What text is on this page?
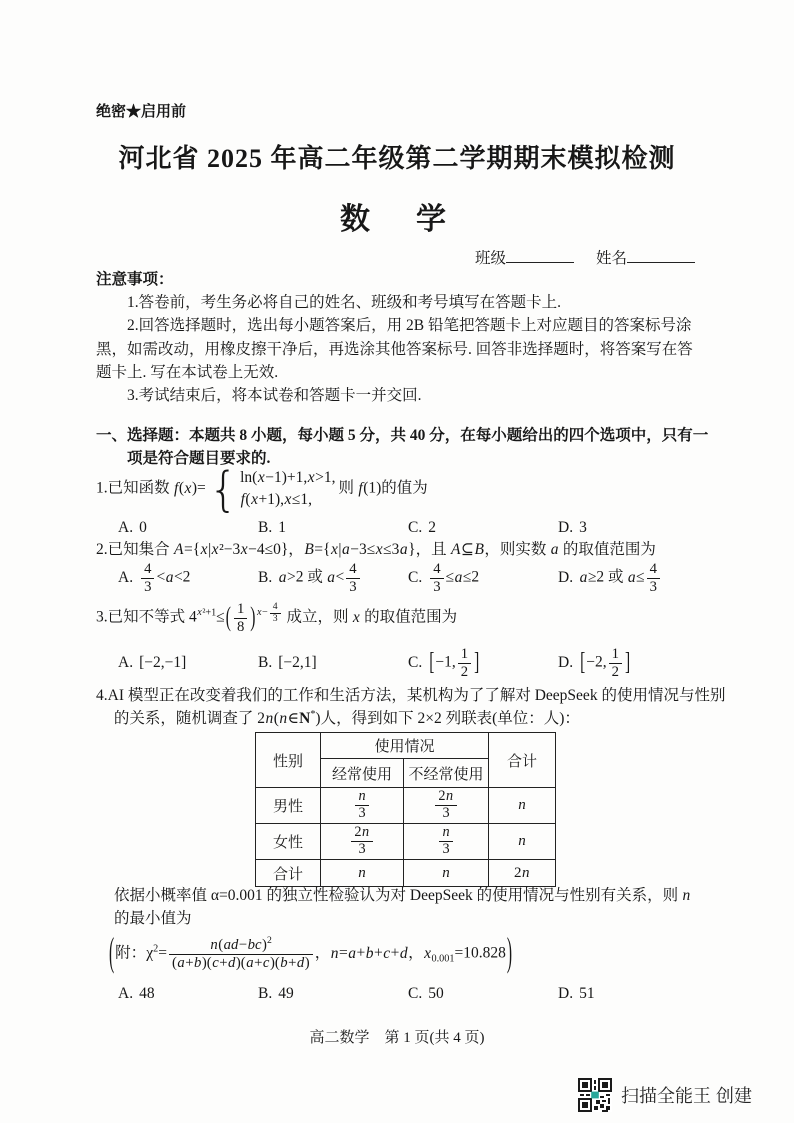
绝密★启用前
河北省 2025 年高二年级第二学期期末模拟检测
数　学
班级	姓名
注意事项：

1.答卷前，考生务必将自己的姓名、班级和考号填写在答题卡上.

2.回答选择题时，选出每小题答案后，用 2B 铅笔把答题卡上对应题目的答案标号涂黑，如需改动，用橡皮擦干净后，再选涂其他答案标号. 回答非选择题时，将答案写在答题卡上. 写在本试卷上无效.

3.考试结束后，将本试卷和答题卡一并交回.

一、选择题：本题共 8 小题，每小题 5 分，共 40 分，在每小题给出的四个选项中，只有一项是符合题目要求的.
1.已知函数 f(x)= { ln(x−1)+1,x>1,
f(x+1),x≤1,
则 f(1)的值为
A. 0	B. 1	C. 2	D. 3
2.已知集合 A={x|x²−3x−4≤0}，B={x|a−3≤x≤3a}，且 A⊆B，则实数 a 的取值范围为
A. $\frac{4}{3} <a<2$	B. a>2 或 $a< \frac{4}{3}$	C. $\frac{4}{3} \le a\le 2$	D. a≥2 或 $a\le \frac{4}{3}$
3.已知不等式 $4^{x^2+1}\le( \frac{1}{8}$ ) $^{x- \frac{4}{3}}$ 成立，则 x 的取值范围为
A. [−2,−1]	B. [−2,1]	C. [−1, $\frac{1}{2}$ ]	D. [−2, $\frac{1}{2}$ ]
4.AI 模型正在改变着我们的工作和生活方法，某机构为了了解对 DeepSeek 的使用情况与性别的关系，随机调查了 2n(n∈N*)人，得到如下 2×2 列联表(单位：人)：
性别	使用情况		合计
	经常使用	不经常使用	
男性	$\frac{n}{3}$	$\frac{2n}{3}$	n
女性	$\frac{2n}{3}$	$\frac{n}{3}$	n
合计	n	n	2n
依据小概率值 α=0.001 的独立性检验认为对 DeepSeek 的使用情况与性别有关系，则 n 的最小值为
(附：$\chi^2= \frac{n(ad-bc)^2}{(a+b)(c+d)(a+c)(b+d)}$ ，n=a+b+c+d，$x_{0.001}=10.828$)
A. 48	B. 49	C. 50	D. 51
高二数学　第 1 页(共 4 页)
扫描全能王 创建
